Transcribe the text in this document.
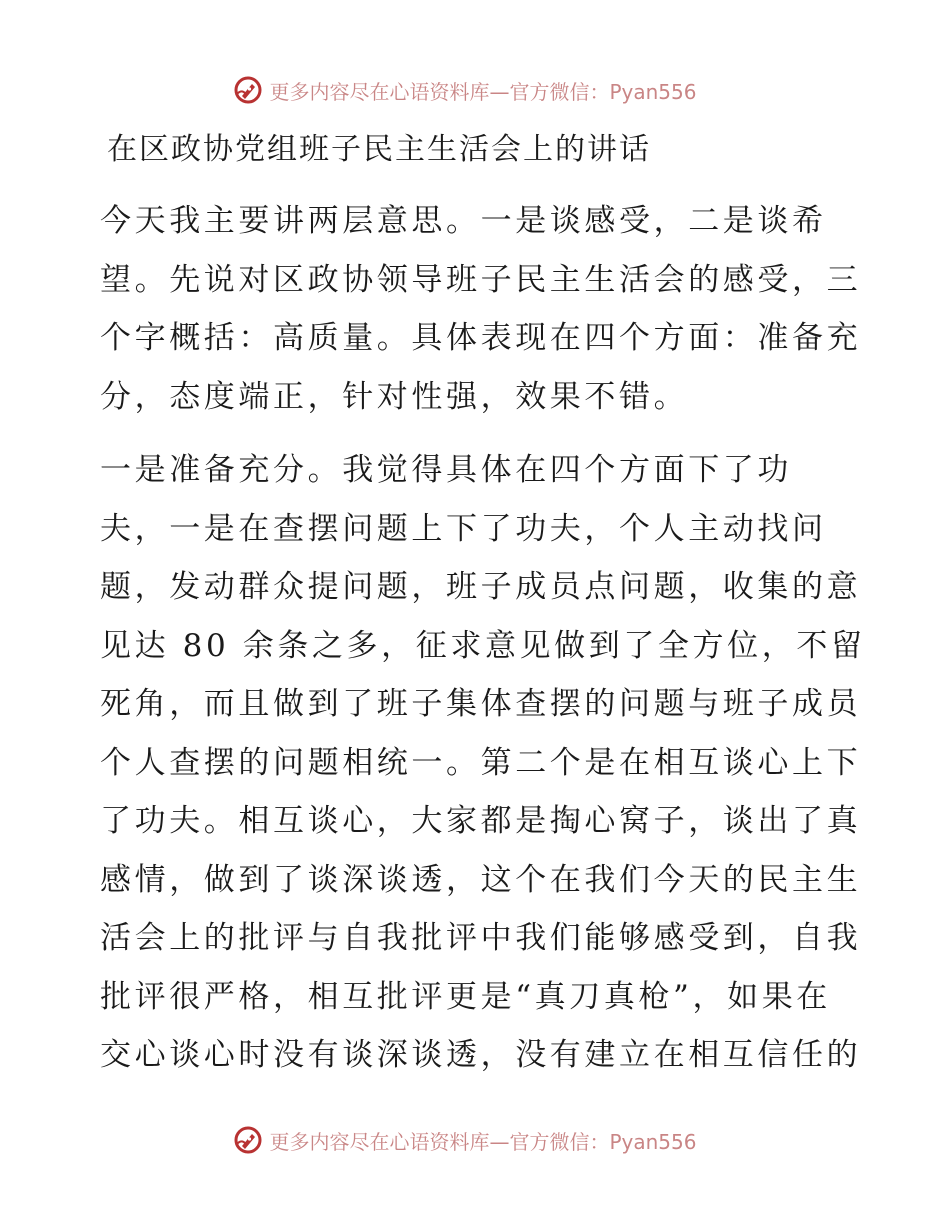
更多内容尽在心语资料库—官方微信：Pyan556
在区政协党组班子民主生活会上的讲话
今天我主要讲两层意思。一是谈感受，二是谈希
望。先说对区政协领导班子民主生活会的感受，三
个字概括：高质量。具体表现在四个方面：准备充
分，态度端正，针对性强，效果不错。
一是准备充分。我觉得具体在四个方面下了功
夫，一是在查摆问题上下了功夫，个人主动找问
题，发动群众提问题，班子成员点问题，收集的意
见达 80 余条之多，征求意见做到了全方位，不留
死角，而且做到了班子集体查摆的问题与班子成员
个人查摆的问题相统一。第二个是在相互谈心上下
了功夫。相互谈心，大家都是掏心窝子，谈出了真
感情，做到了谈深谈透，这个在我们今天的民主生
活会上的批评与自我批评中我们能够感受到，自我
批评很严格，相互批评更是“真刀真枪”，如果在
交心谈心时没有谈深谈透，没有建立在相互信任的
更多内容尽在心语资料库—官方微信：Pyan556
